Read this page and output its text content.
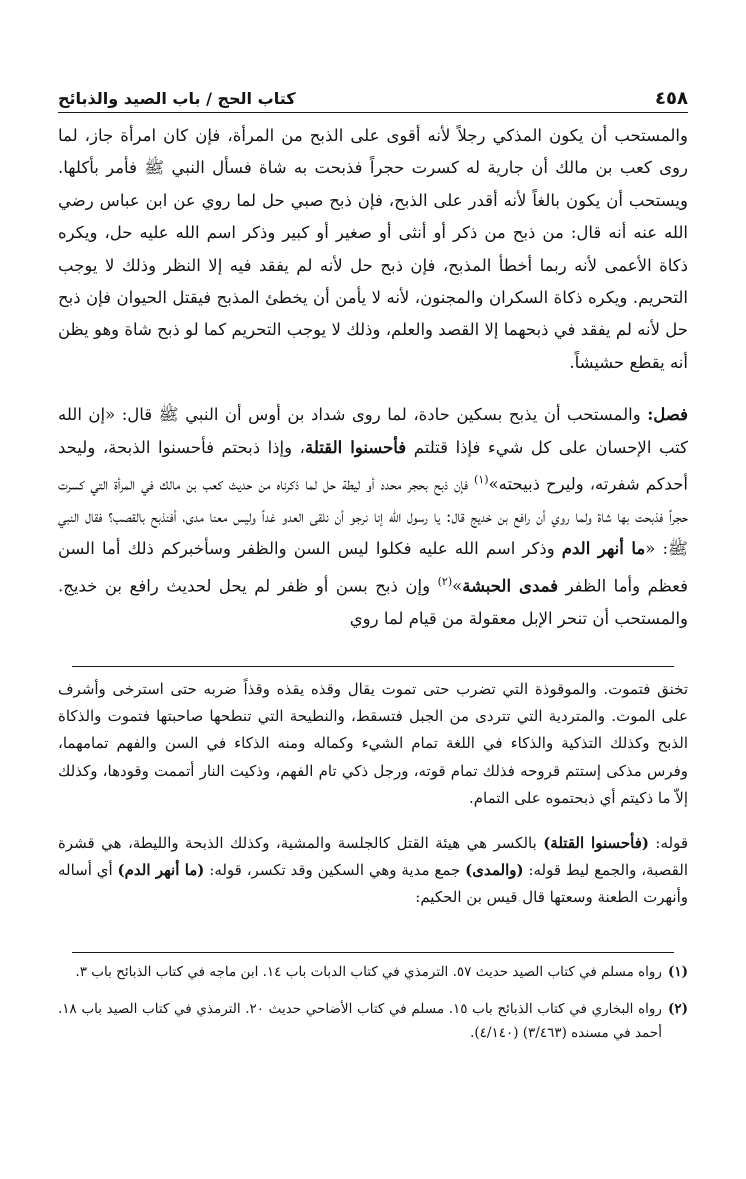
٤٥٨
كتاب الحج / باب الصيد والذبائح

والمستحب أن يكون المذكي رجلاً لأنه أقوى على الذبح من المرأة، فإن كان امرأة جاز، لما روى كعب بن مالك أن جارية له كسرت حجراً فذبحت به شاة فسأل النبي ﷺ فأمر بأكلها. ويستحب أن يكون بالغاً لأنه أقدر على الذبح، فإن ذبح صبي حل لما روي عن ابن عباس رضي الله عنه أنه قال: من ذبح من ذكر أو أنثى أو صغير أو كبير وذكر اسم الله عليه حل، ويكره ذكاة الأعمى لأنه ربما أخطأ المذبح، فإن ذبح حل لأنه لم يفقد فيه إلا النظر وذلك لا يوجب التحريم. ويكره ذكاة السكران والمجنون، لأنه لا يأمن أن يخطئ المذبح فيقتل الحيوان فإن ذبح حل لأنه لم يفقد في ذبحهما إلا القصد والعلم، وذلك لا يوجب التحريم كما لو ذبح شاة وهو يظن أنه يقطع حشيشاً.

فصل: والمستحب أن يذبح بسكين حادة، لما روى شداد بن أوس أن النبي ﷺ قال: «إن الله كتب الإحسان على كل شيء فإذا قتلتم فأحسنوا القتلة، وإذا ذبحتم فأحسنوا الذبحة، وليحد أحدكم شفرته، وليرح ذبيحته»$^{(١)}$ فإن ذبح بحجر محدد أو ليطة حل لما ذكرناه من حديث كعب بن مالك في المرأة التي كسرت حجراً فذبحت بها شاة ولما روي أن رافع بن خديج قال: يا رسول الله إنا نرجو أن نلقى العدو غداً وليس معنا مدى، أفنذبح بالقصب؟ فقال النبي ﷺ: «ما أنهر الدم وذكر اسم الله عليه فكلوا ليس السن والظفر وسأخبركم ذلك أما السن فعظم وأما الظفر فمدى الحبشة»$^{(٢)}$ وإن ذبح بسن أو ظفر لم يحل لحديث رافع بن خديج. والمستحب أن تنحر الإبل معقولة من قيام لما روي

تخنق فتموت. والموقوذة التي تضرب حتى تموت يقال وقذه يقذه وقذاً ضربه حتى استرخى وأشرف على الموت. والمتردية التي تتردى من الجبل فتسقط، والنطيحة التي تنطحها صاحبتها فتموت والذكاة الذبح وكذلك التذكية والذكاء في اللغة تمام الشيء وكماله ومنه الذكاء في السن والفهم تمامهما، وفرس مذكى إستتم قروحه فذلك تمام قوته، ورجل ذكي تام الفهم، وذكيت النار أتممت وقودها، وكذلك إلاّ ما ذكيتم أي ذبحتموه على التمام.

قوله: (فأحسنوا القتلة) بالكسر هي هيئة القتل كالجلسة والمشية، وكذلك الذبحة والليطة، هي قشرة القصبة، والجمع ليط قوله: (والمدى) جمع مدية وهي السكين وقد تكسر، قوله: (ما أنهر الدم) أي أساله وأنهرت الطعنة وسعتها قال قيس بن الحكيم:

(١)
رواه مسلم في كتاب الصيد حديث ٥٧. الترمذي في كتاب الدبات باب ١٤. ابن ماجه في كتاب الذبائح باب ٣.
(٢)
رواه البخاري في كتاب الذبائح باب ١٥. مسلم في كتاب الأضاحي حديث ٢٠. الترمذي في كتاب الصيد باب ١٨. أحمد في مسنده (٣/٤٦٣) (٤/١٤٠).
